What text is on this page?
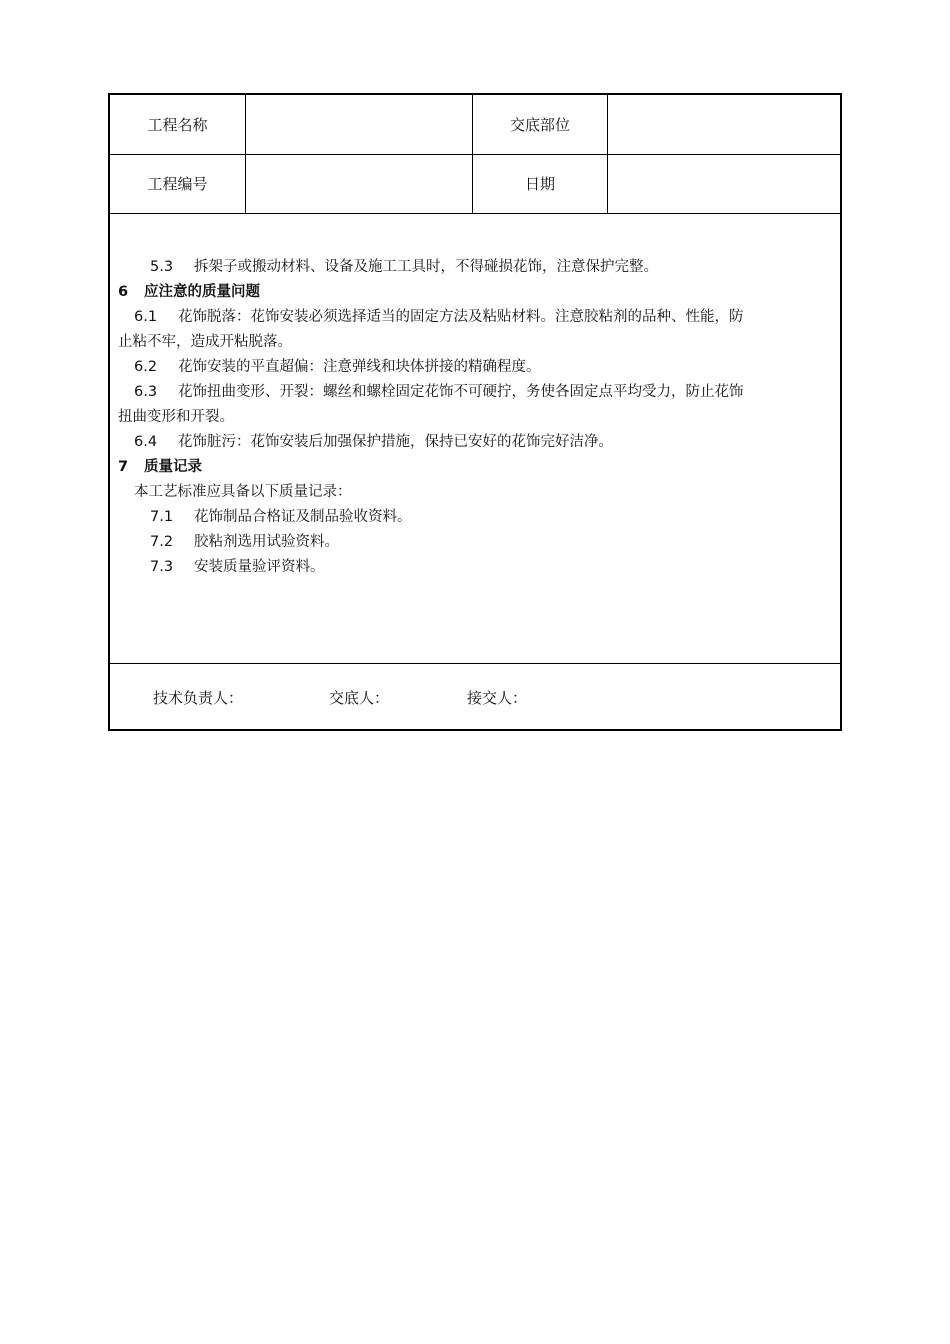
工程名称	交底部位
工程编号	日期
5.3 拆架子或搬动材料、设备及施工工具时，不得碰损花饰，注意保护完整。
6 应注意的质量问题
6.1 花饰脱落：花饰安装必须选择适当的固定方法及粘贴材料。注意胶粘剂的品种、性能，防
止粘不牢，造成开粘脱落。
6.2 花饰安装的平直超偏：注意弹线和块体拼接的精确程度。
6.3 花饰扭曲变形、开裂：螺丝和螺栓固定花饰不可硬拧，务使各固定点平均受力，防止花饰
扭曲变形和开裂。
6.4 花饰脏污：花饰安装后加强保护措施，保持已安好的花饰完好洁净。
7 质量记录
本工艺标准应具备以下质量记录：
7.1 花饰制品合格证及制品验收资料。
7.2 胶粘剂选用试验资料。
7.3 安装质量验评资料。
技术负责人：	交底人：	接交人：
